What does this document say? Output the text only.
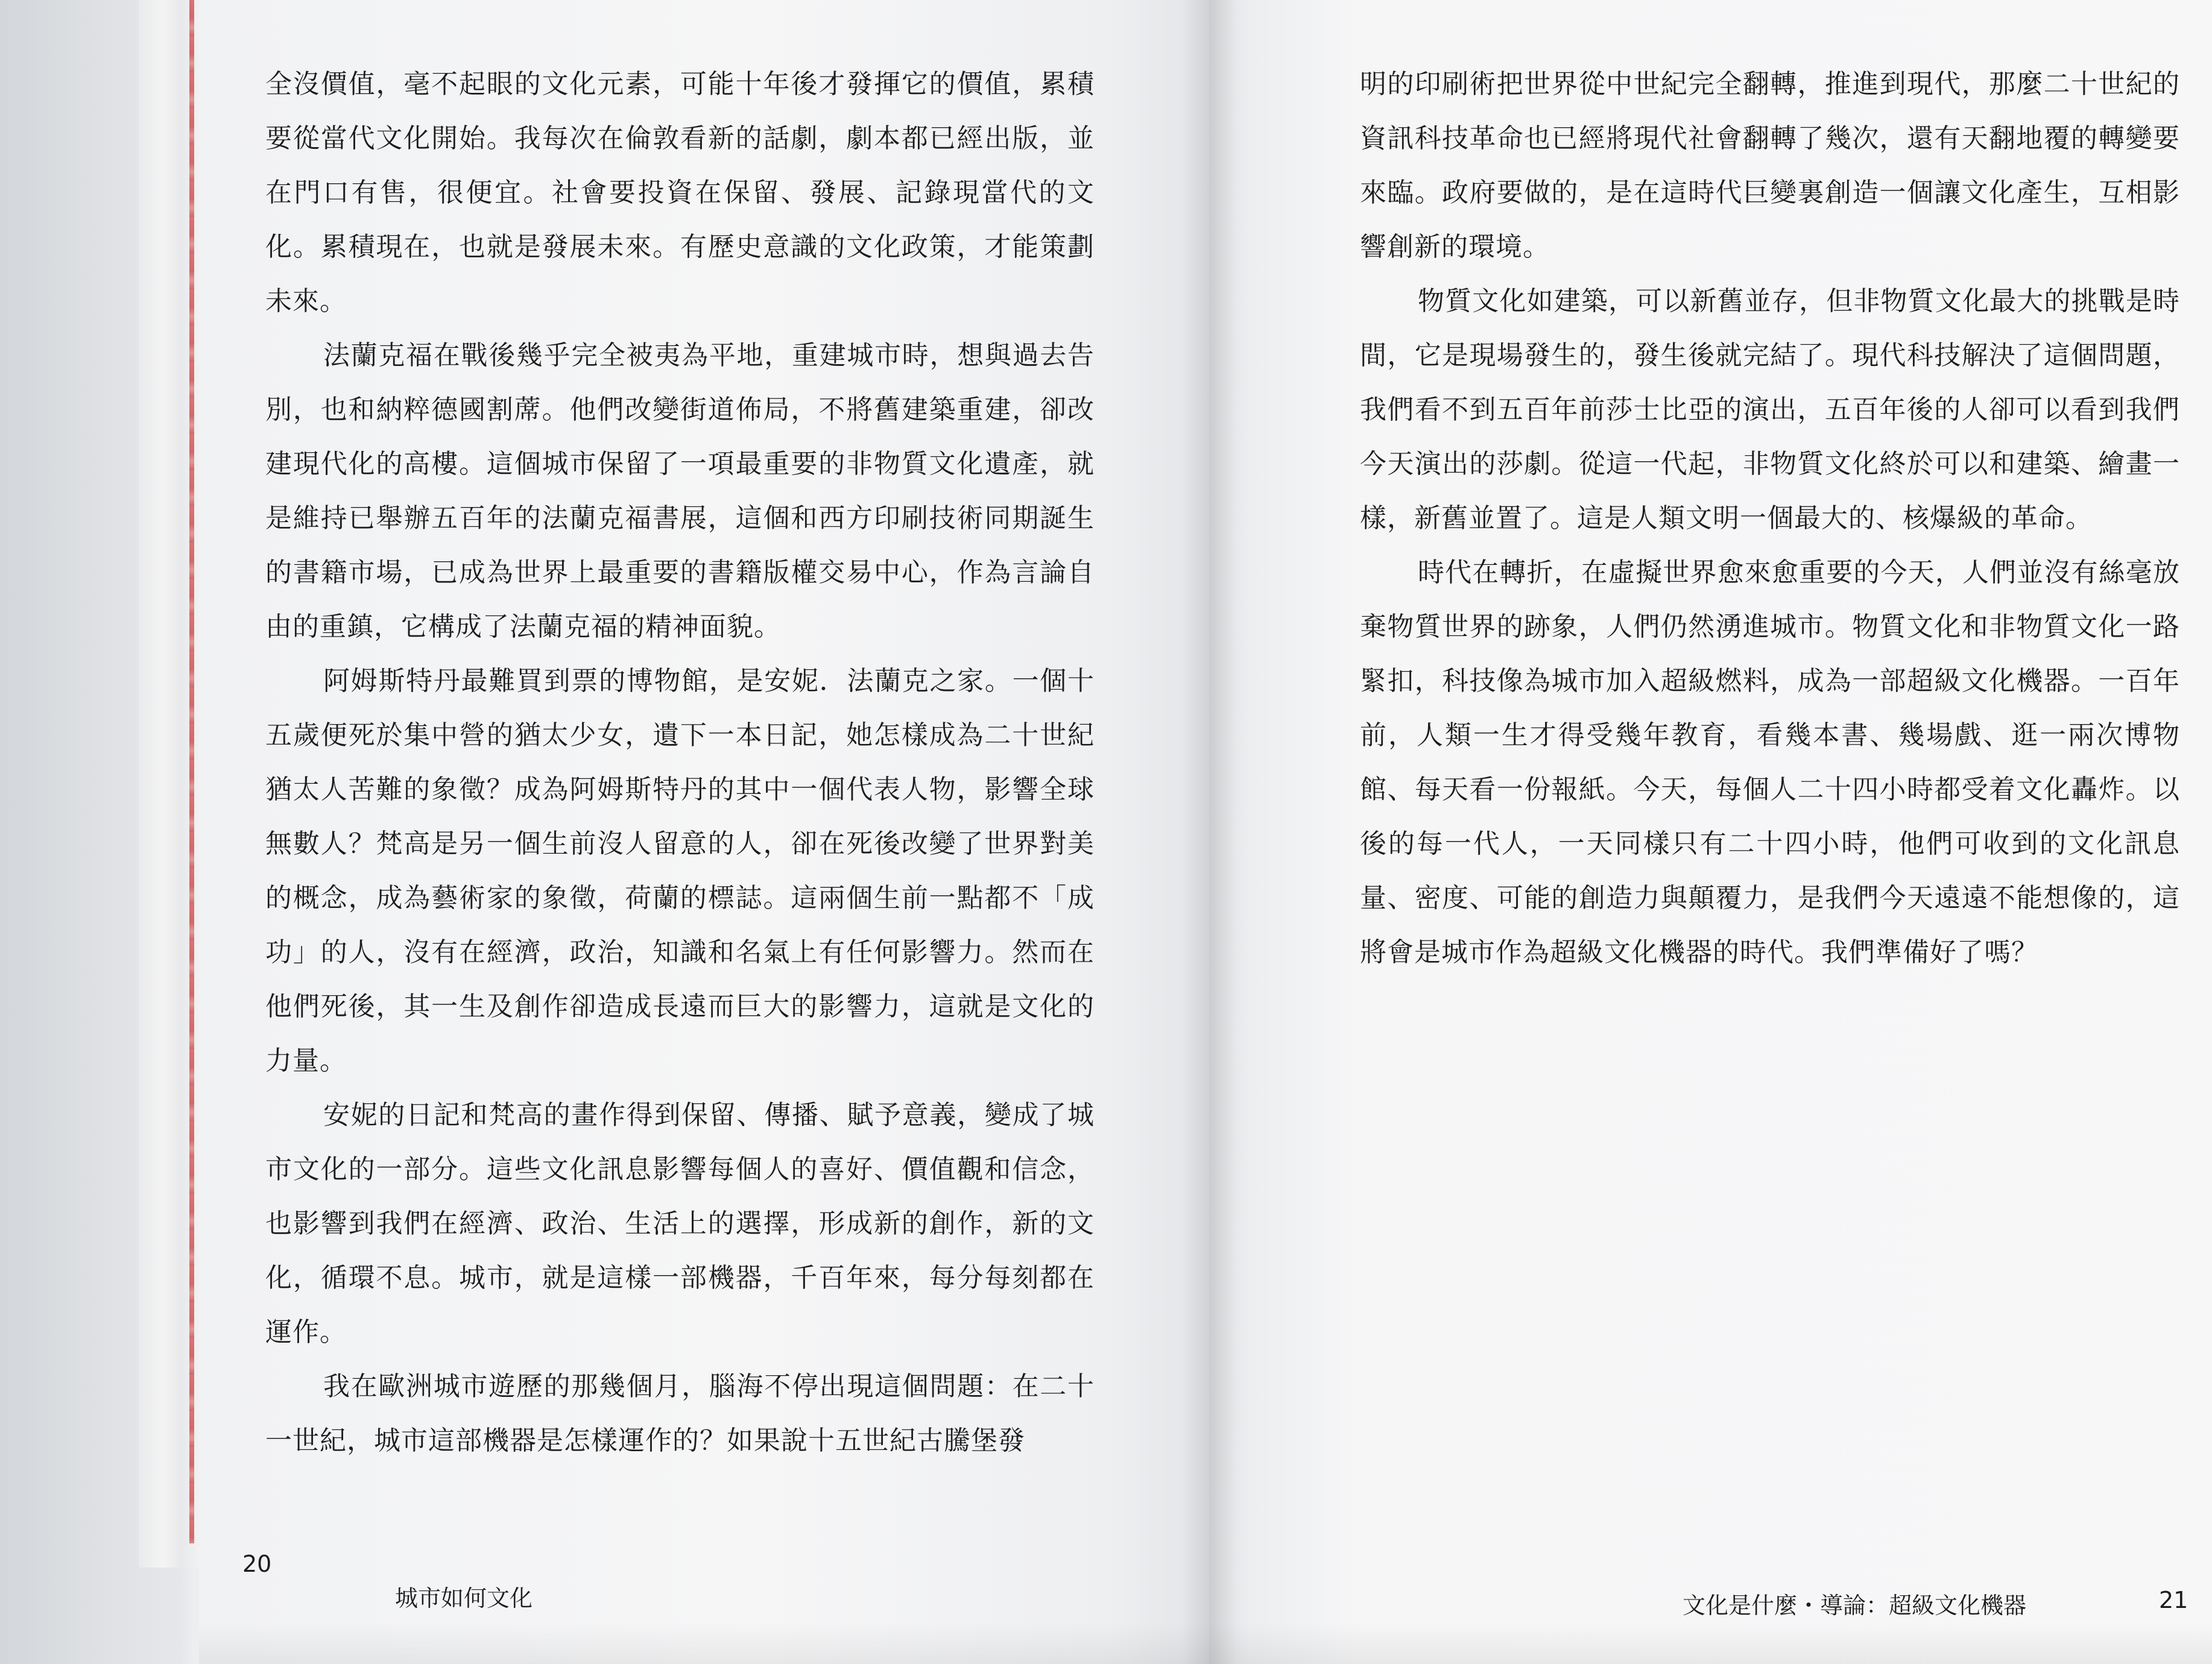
全沒價值，毫不起眼的文化元素，可能十年後才發揮它的價值，累積要從當代文化開始。我每次在倫敦看新的話劇，劇本都已經出版，並在門口有售，很便宜。社會要投資在保留、發展、記錄現當代的文化。累積現在，也就是發展未來。有歷史意識的文化政策，才能策劃未來。

法蘭克福在戰後幾乎完全被夷為平地，重建城市時，想與過去告別，也和納粹德國割蓆。他們改變街道佈局，不將舊建築重建，卻改建現代化的高樓。這個城市保留了一項最重要的非物質文化遺產，就是維持已舉辦五百年的法蘭克福書展，這個和西方印刷技術同期誕生的書籍市場，已成為世界上最重要的書籍版權交易中心，作為言論自由的重鎮，它構成了法蘭克福的精神面貌。

阿姆斯特丹最難買到票的博物館，是安妮．法蘭克之家。一個十五歲便死於集中營的猶太少女，遺下一本日記，她怎樣成為二十世紀猶太人苦難的象徵？成為阿姆斯特丹的其中一個代表人物，影響全球無數人？梵高是另一個生前沒人留意的人，卻在死後改變了世界對美的概念，成為藝術家的象徵，荷蘭的標誌。這兩個生前一點都不「成功」的人，沒有在經濟，政治，知識和名氣上有任何影響力。然而在他們死後，其一生及創作卻造成長遠而巨大的影響力，這就是文化的力量。

安妮的日記和梵高的畫作得到保留、傳播、賦予意義，變成了城市文化的一部分。這些文化訊息影響每個人的喜好、價值觀和信念，也影響到我們在經濟、政治、生活上的選擇，形成新的創作，新的文化，循環不息。城市，就是這樣一部機器，千百年來，每分每刻都在運作。

我在歐洲城市遊歷的那幾個月，腦海不停出現這個問題：在二十一世紀，城市這部機器是怎樣運作的？如果說十五世紀古騰堡發

明的印刷術把世界從中世紀完全翻轉，推進到現代，那麼二十世紀的資訊科技革命也已經將現代社會翻轉了幾次，還有天翻地覆的轉變要來臨。政府要做的，是在這時代巨變裏創造一個讓文化產生，互相影響創新的環境。

物質文化如建築，可以新舊並存，但非物質文化最大的挑戰是時間，它是現場發生的，發生後就完結了。現代科技解決了這個問題，我們看不到五百年前莎士比亞的演出，五百年後的人卻可以看到我們今天演出的莎劇。從這一代起，非物質文化終於可以和建築、繪畫一樣，新舊並置了。這是人類文明一個最大的、核爆級的革命。

時代在轉折，在虛擬世界愈來愈重要的今天，人們並沒有絲毫放棄物質世界的跡象，人們仍然湧進城市。物質文化和非物質文化一路緊扣，科技像為城市加入超級燃料，成為一部超級文化機器。一百年前，人類一生才得受幾年教育，看幾本書、幾場戲、逛一兩次博物館、每天看一份報紙。今天，每個人二十四小時都受着文化轟炸。以後的每一代人，一天同樣只有二十四小時，他們可收到的文化訊息量、密度、可能的創造力與顛覆力，是我們今天遠遠不能想像的，這將會是城市作為超級文化機器的時代。我們準備好了嗎？

20
城市如何文化	文化是什麼・導論：超級文化機器	21
